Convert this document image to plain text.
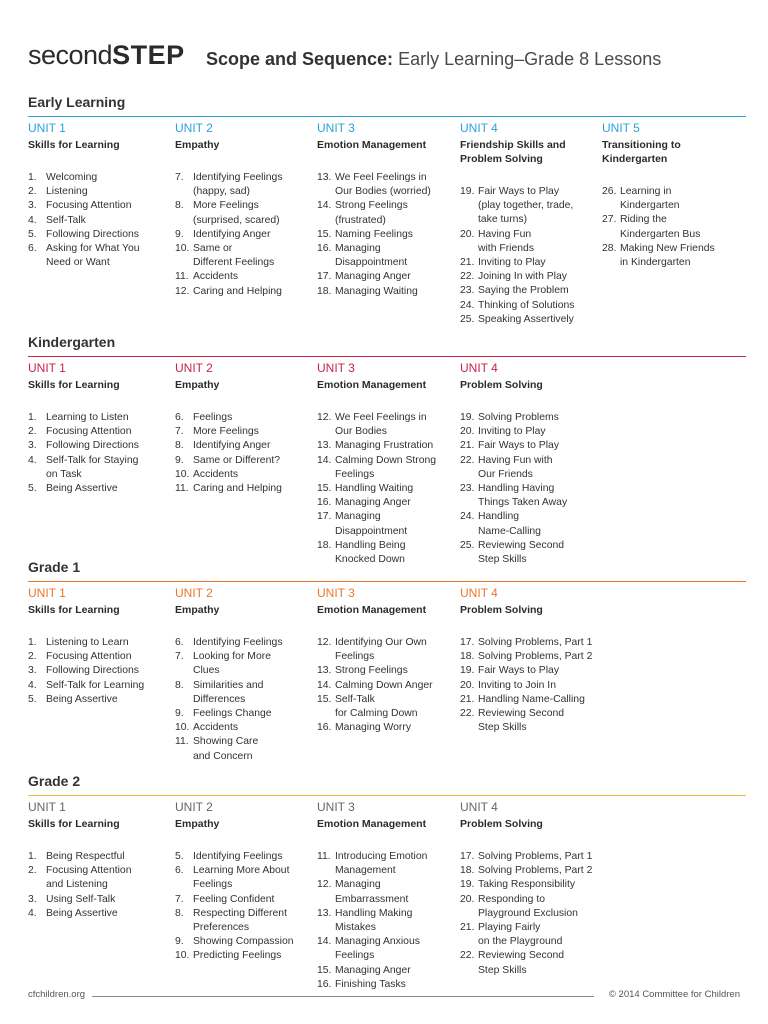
secondSTEP Scope and Sequence: Early Learning–Grade 8 Lessons
Early Learning
UNIT 1
Skills for Learning
1. Welcoming
2. Listening
3. Focusing Attention
4. Self-Talk
5. Following Directions
6. Asking for What You
Need or Want
UNIT 2
Empathy
7. Identifying Feelings
(happy, sad)
8. More Feelings
(surprised, scared)
9. Identifying Anger
10. Same or
Different Feelings
11. Accidents
12. Caring and Helping
UNIT 3
Emotion Management
13. We Feel Feelings in
Our Bodies (worried)
14. Strong Feelings
(frustrated)
15. Naming Feelings
16. Managing
Disappointment
17. Managing Anger
18. Managing Waiting
UNIT 4
Friendship Skills and
Problem Solving
19. Fair Ways to Play
(play together, trade,
take turns)
20. Having Fun
with Friends
21. Inviting to Play
22. Joining In with Play
23. Saying the Problem
24. Thinking of Solutions
25. Speaking Assertively
UNIT 5
Transitioning to
Kindergarten
26. Learning in
Kindergarten
27. Riding the
Kindergarten Bus
28. Making New Friends
in Kindergarten
Kindergarten
UNIT 1
Skills for Learning
1. Learning to Listen
2. Focusing Attention
3. Following Directions
4. Self-Talk for Staying
on Task
5. Being Assertive
UNIT 2
Empathy
6. Feelings
7. More Feelings
8. Identifying Anger
9. Same or Different?
10. Accidents
11. Caring and Helping
UNIT 3
Emotion Management
12. We Feel Feelings in
Our Bodies
13. Managing Frustration
14. Calming Down Strong
Feelings
15. Handling Waiting
16. Managing Anger
17. Managing
Disappointment
18. Handling Being
Knocked Down
UNIT 4
Problem Solving
19. Solving Problems
20. Inviting to Play
21. Fair Ways to Play
22. Having Fun with
Our Friends
23. Handling Having
Things Taken Away
24. Handling
Name-Calling
25. Reviewing Second
Step Skills
Grade 1
UNIT 1
Skills for Learning
1. Listening to Learn
2. Focusing Attention
3. Following Directions
4. Self-Talk for Learning
5. Being Assertive
UNIT 2
Empathy
6. Identifying Feelings
7. Looking for More
Clues
8. Similarities and
Differences
9. Feelings Change
10. Accidents
11. Showing Care
and Concern
UNIT 3
Emotion Management
12. Identifying Our Own
Feelings
13. Strong Feelings
14. Calming Down Anger
15. Self-Talk
for Calming Down
16. Managing Worry
UNIT 4
Problem Solving
17. Solving Problems, Part 1
18. Solving Problems, Part 2
19. Fair Ways to Play
20. Inviting to Join In
21. Handling Name-Calling
22. Reviewing Second
Step Skills
Grade 2
UNIT 1
Skills for Learning
1. Being Respectful
2. Focusing Attention
and Listening
3. Using Self-Talk
4. Being Assertive
UNIT 2
Empathy
5. Identifying Feelings
6. Learning More About
Feelings
7. Feeling Confident
8. Respecting Different
Preferences
9. Showing Compassion
10. Predicting Feelings
UNIT 3
Emotion Management
11. Introducing Emotion
Management
12. Managing
Embarrassment
13. Handling Making
Mistakes
14. Managing Anxious
Feelings
15. Managing Anger
16. Finishing Tasks
UNIT 4
Problem Solving
17. Solving Problems, Part 1
18. Solving Problems, Part 2
19. Taking Responsibility
20. Responding to
Playground Exclusion
21. Playing Fairly
on the Playground
22. Reviewing Second
Step Skills
cfchildren.org	© 2014 Committee for Children
